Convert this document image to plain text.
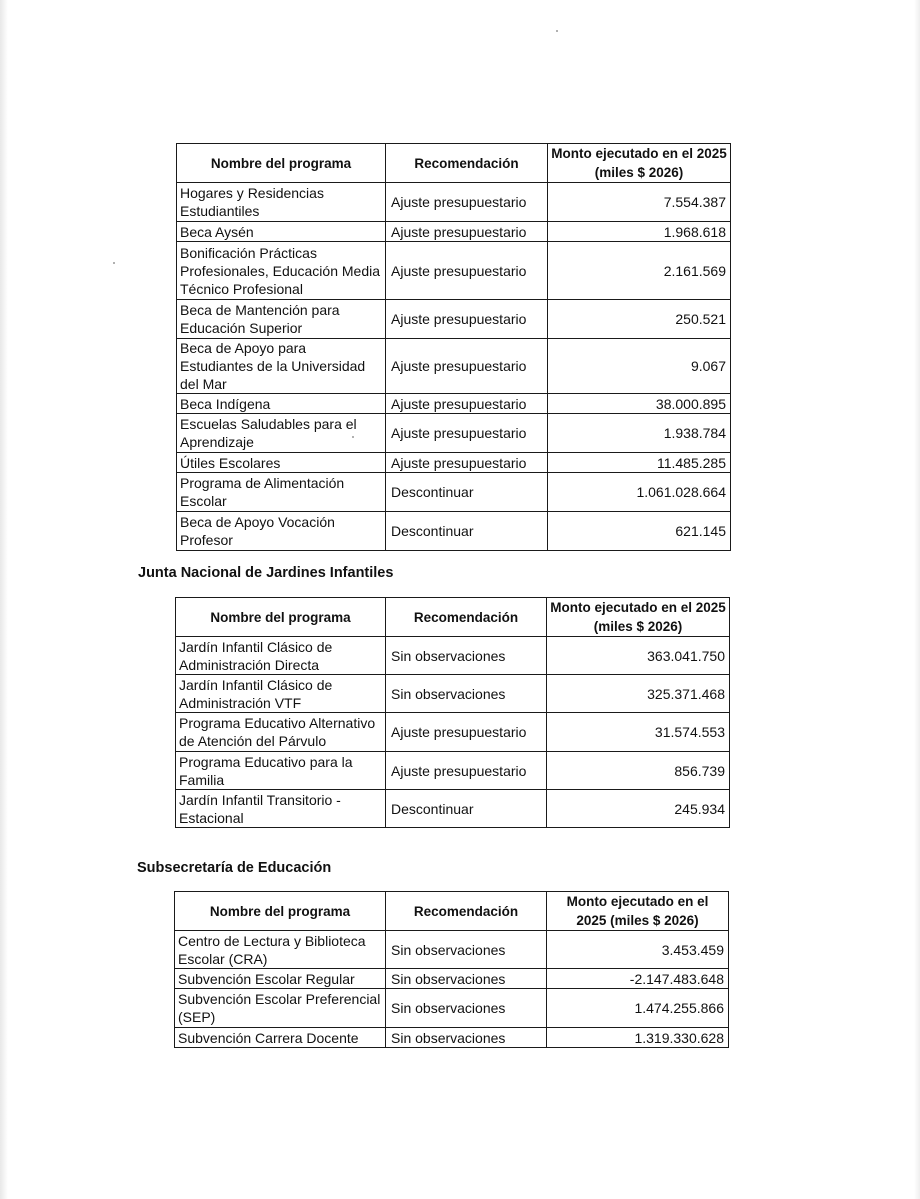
Nombre del programa	Recomendación	Monto ejecutado en el 2025 (miles $ 2026)
Hogares y Residencias Estudiantiles	Ajuste presupuestario	7.554.387
Beca Aysén	Ajuste presupuestario	1.968.618
Bonificación Prácticas Profesionales, Educación Media Técnico Profesional	Ajuste presupuestario	2.161.569
Beca de Mantención para Educación Superior	Ajuste presupuestario	250.521
Beca de Apoyo para Estudiantes de la Universidad del Mar	Ajuste presupuestario	9.067
Beca Indígena	Ajuste presupuestario	38.000.895
Escuelas Saludables para el Aprendizaje	Ajuste presupuestario	1.938.784
Útiles Escolares	Ajuste presupuestario	11.485.285
Programa de Alimentación Escolar	Descontinuar	1.061.028.664
Beca de Apoyo Vocación Profesor	Descontinuar	621.145
Junta Nacional de Jardines Infantiles
Nombre del programa	Recomendación	Monto ejecutado en el 2025 (miles $ 2026)
Jardín Infantil Clásico de Administración Directa	Sin observaciones	363.041.750
Jardín Infantil Clásico de Administración VTF	Sin observaciones	325.371.468
Programa Educativo Alternativo de Atención del Párvulo	Ajuste presupuestario	31.574.553
Programa Educativo para la Familia	Ajuste presupuestario	856.739
Jardín Infantil Transitorio - Estacional	Descontinuar	245.934
Subsecretaría de Educación
Nombre del programa	Recomendación	Monto ejecutado en el 2025 (miles $ 2026)
Centro de Lectura y Biblioteca Escolar (CRA)	Sin observaciones	3.453.459
Subvención Escolar Regular	Sin observaciones	-2.147.483.648
Subvención Escolar Preferencial (SEP)	Sin observaciones	1.474.255.866
Subvención Carrera Docente	Sin observaciones	1.319.330.628
